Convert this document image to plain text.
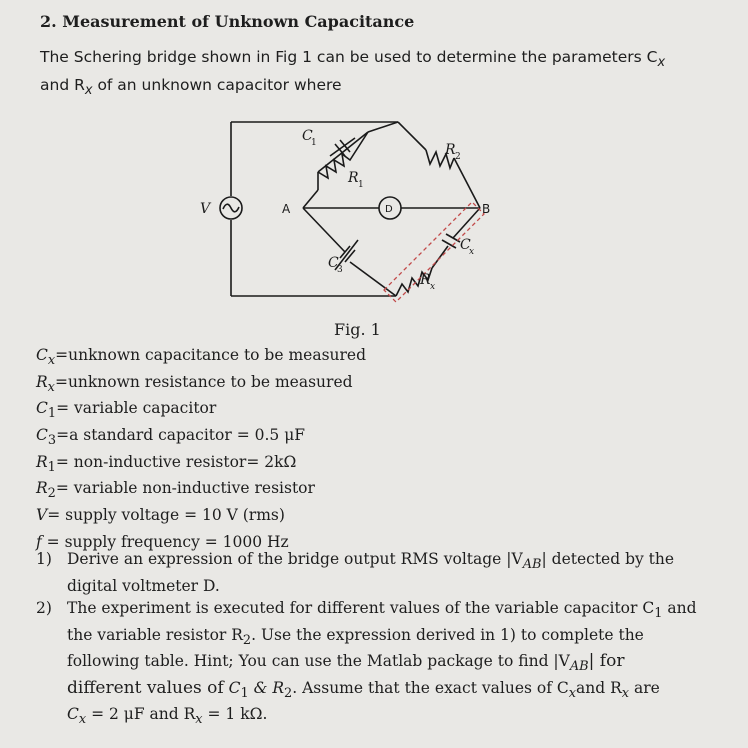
2. Measurement of Unknown Capacitance
The Schering bridge shown in Fig 1 can be used to determine the parameters $C_x$
and $R_x$ of an unknown capacitor where
V	A	B
D
C
1
R 1
R 2
C
3
C
x
R x
Fig. 1
$C_x=unknown$ capacitance to be measured
$R_x=unknown$ resistance to be measured
$C_1=$ variable capacitor
$C_3=a$ standard capacitor = 0.5 μF
$R_1=$ non-inductive resistor= 2kΩ
$R_2=$ variable non-inductive resistor
V= supply voltage = 10 V (rms)
f = supply frequency = 1000 Hz
1) Derive an expression of the bridge output RMS voltage $|V_{AB}|$ detected by the digital voltmeter D.
2) The experiment is executed for different values of the variable capacitor $C_1$ and the variable resistor $R_2$. Use the expression derived in 1) to complete the following table. Hint; You can use the Matlab package to find $|V_{AB}|$ for
different values of $C_1$ & $R_2$. Assume that the exact values of $C_xand$ $R_x$ are
$C_x = 2$ μF and $R_x = 1$ kΩ.
